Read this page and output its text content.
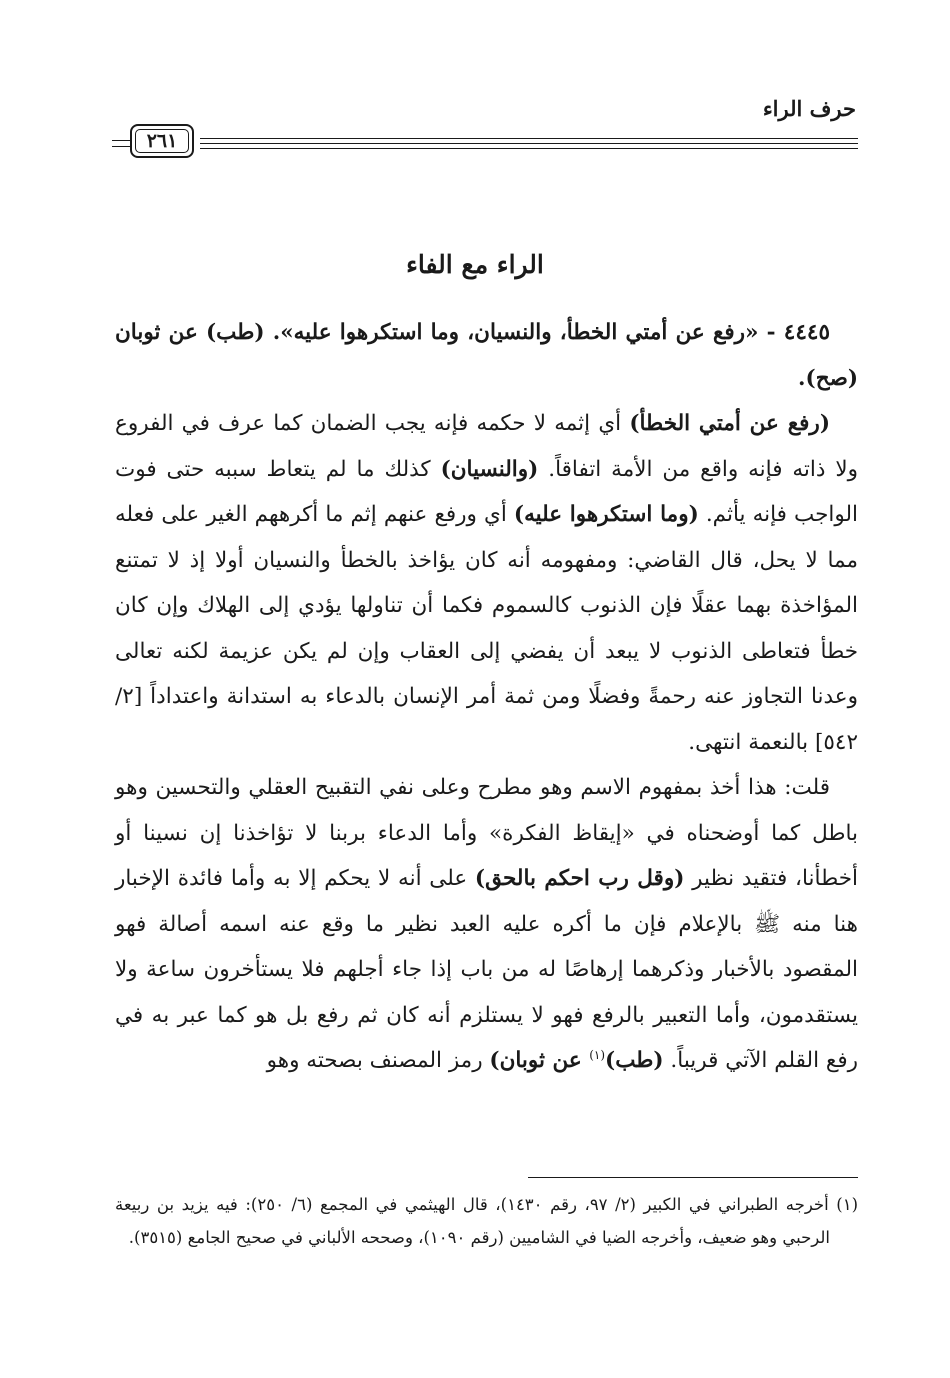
حرف الراء
٢٦١
الراء مع الفاء

٤٤٤٥ - «رفع عن أمتي الخطأ، والنسيان، وما استكرهوا عليه». (طب) عن ثوبان (صح).

(رفع عن أمتي الخطأ) أي إثمه لا حكمه فإنه يجب الضمان كما عرف في الفروع ولا ذاته فإنه واقع من الأمة اتفاقاً. (والنسيان) كذلك ما لم يتعاط سببه حتى فوت الواجب فإنه يأثم. (وما استكرهوا عليه) أي ورفع عنهم إثم ما أكرههم الغير على فعله مما لا يحل، قال القاضي: ومفهومه أنه كان يؤاخذ بالخطأ والنسيان أولا إذ لا تمتنع المؤاخذة بهما عقلًا فإن الذنوب كالسموم فكما أن تناولها يؤدي إلى الهلاك وإن كان خطأ فتعاطى الذنوب لا يبعد أن يفضي إلى العقاب وإن لم يكن عزيمة لكنه تعالى وعدنا التجاوز عنه رحمةً وفضلًا ومن ثمة أمر الإنسان بالدعاء به استدانة واعتداداً [٢/ ٥٤٢] بالنعمة انتهى.

قلت: هذا أخذ بمفهوم الاسم وهو مطرح وعلى نفي التقبيح العقلي والتحسين وهو باطل كما أوضحناه في «إيقاظ الفكرة» وأما الدعاء بربنا لا تؤاخذنا إن نسينا أو أخطأنا، فتقيد نظير (وقل رب احكم بالحق) على أنه لا يحكم إلا به وأما فائدة الإخبار هنا منه ﷺ بالإعلام فإن ما أكره عليه العبد نظير ما وقع عنه اسمه أصالة فهو المقصود بالأخبار وذكرهما إرهاصًا له من باب إذا جاء أجلهم فلا يستأخرون ساعة ولا يستقدمون، وأما التعبير بالرفع فهو لا يستلزم أنه كان ثم رفع بل هو كما عبر به في رفع القلم الآتي قريباً. (طب)$^{(١)}$ عن ثوبان) رمز المصنف بصحته وهو

(١) أخرجه الطبراني في الكبير (٢/ ٩٧، رقم ١٤٣٠)، قال الهيثمي في المجمع (٦/ ٢٥٠): فيه يزيد بن ربيعة الرحبي وهو ضعيف، وأخرجه الضيا في الشاميين (رقم ١٠٩٠)، وصححه الألباني في صحيح الجامع (٣٥١٥).
